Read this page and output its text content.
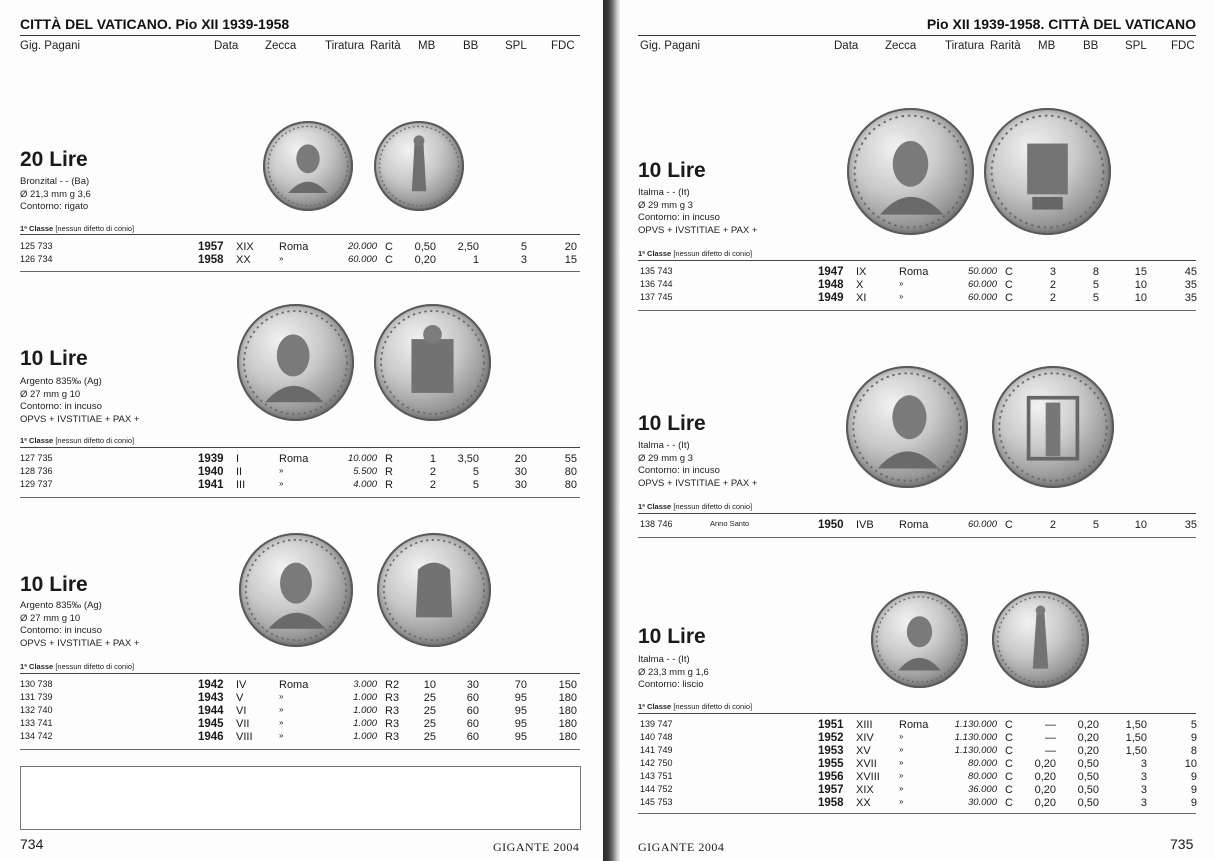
CITTÀ DEL VATICANO. Pio XII 1939-1958
Gig. Pagani	Data Zecca Tiratura Rarità MB BB SPL FDC
20 Lire
Bronzital - - (Ba)
Ø 21,3 mm g 3,6
Contorno: rigato
1ª Classe [nessun difetto di conio]
10 Lire
Argento 835‰ (Ag)
Ø 27 mm g 10
Contorno: in incuso
OPVS + IVSTITIAE + PAX +
1ª Classe [nessun difetto di conio]
10 Lire
Argento 835‰ (Ag)
Ø 27 mm g 10
Contorno: in incuso
OPVS + IVSTITIAE + PAX +
1ª Classe [nessun difetto di conio]
734	GIGANTE 2004
125 733	1957 XIX Roma	20.000 C 0,50 2,50	5	20
126 734	1958 XX	»	60.000 C 0,20	1	3	15
127 735	1939 I	Roma	10.000 R	1 3,50	20	55
128 736	1940 II	»	5.500 R	2	5	30	80
129 737	1941 III	»	4.000 R	2	5	30	80
130 738	1942 IV	Roma	3.000 R2 10	30	70	150
131 739	1943 V	»	1.000 R3 25	60	95	180
132 740	1944 VI	»	1.000 R3 25	60	95	180
133 741	1945 VII	»	1.000 R3 25	60	95	180
134 742	1946 VIII	»	1.000 R3 25	60	95	180
Pio XII 1939-1958. CITTÀ DEL VATICANO
Gig. Pagani	Data Zecca Tiratura Rarità MB BB SPL FDC
10 Lire
Italma - - (It)
Ø 29 mm g 3
Contorno: in incuso
OPVS + IVSTITIAE + PAX +
1ª Classe [nessun difetto di conio]
10 Lire
Italma - - (It)
Ø 29 mm g 3
Contorno: in incuso
OPVS + IVSTITIAE + PAX +
1ª Classe [nessun difetto di conio]
10 Lire
Italma - - (It)
Ø 23,3 mm g 1,6
Contorno: liscio
1ª Classe [nessun difetto di conio]
GIGANTE 2004	735
135 743	1947 IX	Roma	50.000 C	3	8	15	45
136 744	1948 X	»	60.000 C	2	5	10	35
137 745	1949 XI	»	60.000 C	2	5	10	35
138 746	Anno Santo	1950 IVB Roma	60.000 C	2	5	10	35
139 747	1951 XIII Roma	1.130.000 C	— 0,20 1,50	5
140 748	1952 XIV	»	1.130.000 C	— 0,20 1,50	9
141 749	1953 XV	»	1.130.000 C	— 0,20 1,50	8
142 750	1955 XVII	»	80.000 C 0,20 0,50	3	10
143 751	1956 XVIII »	80.000 C 0,20 0,50	3	9
144 752	1957 XIX	»	36.000 C 0,20 0,50	3	9
145 753	1958 XX	»	30.000 C 0,20 0,50	3	9
